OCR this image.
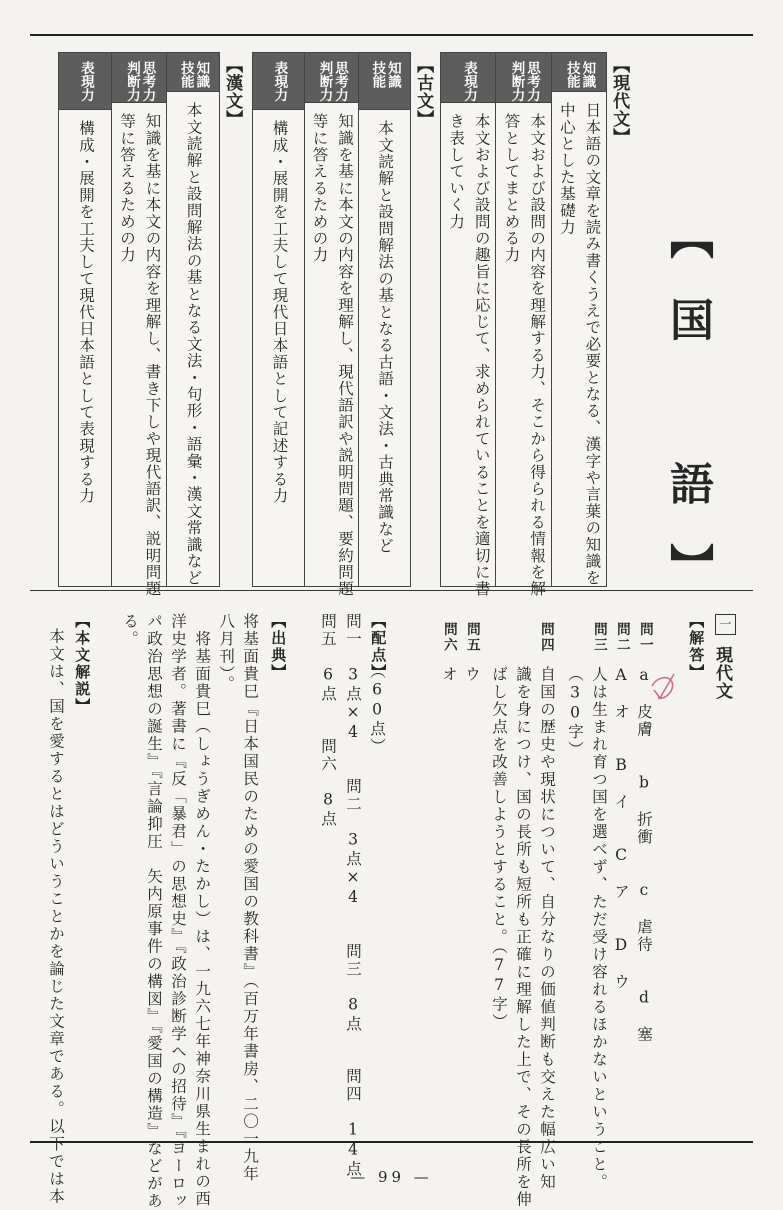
【国　語】
【現代文】
知識
技能
日本語の文章を読み書くうえで必要となる、漢字や言葉の知識を
中心とした基礎力
思考力
判断力
本文および設問の内容を理解する力、そこから得られる情報を解
答としてまとめる力
表現力
本文および設問の趣旨に応じて、求められていることを適切に書
き表していく力
【古文】
知識
技能
本文読解と設問解法の基となる古語・文法・古典常識など
思考力
判断力
知識を基に本文の内容を理解し、現代語訳や説明問題、要約問題
等に答えるための力
表現力
構成・展開を工夫して現代日本語として記述する力
【漢文】
知識
技能
本文読解と設問解法の基となる文法・句形・語彙・漢文常識など
思考力
判断力
知識を基に本文の内容を理解し、書き下しや現代語訳、説明問題
等に答えるための力
表現力
構成・展開を工夫して現代日本語として表現する力
一
現代文
【解答】
問一
a　皮膚　　b　折衝　　c　虐待　　d　塞
問二
A　オ　　B　イ　　C　ア　　D　ウ
問三
人は生まれ育つ国を選べず、ただ受け容れるほかないということ。
（30字）
問四
自国の歴史や現状について、自分なりの価値判断も交えた幅広い知
識を身につけ、国の長所も短所も正確に理解した上で、その長所を伸
ばし欠点を改善しようとすること。（77字）
問五
ウ
問六
オ
【配点】
（60点）
問一　3点×4　　問二　3点×4　　問三　8点　　問四　14点
問五　6点　　問六　8点
【出典】
将基面貴巳『日本国民のための愛国の教科書』（百万年書房、二〇一九年
八月刊）。
　将基面貴巳（しょうぎめん・たかし）は、一九六七年神奈川県生まれの西
洋史学者。著書に『反「暴君」の思想史』『政治診断学への招待』『ヨーロッ
パ政治思想の誕生』『言論抑圧　矢内原事件の構図』『愛国の構造』などがあ
る。
【本文解説】
本文は、国を愛するとはどういうことかを論じた文章である。以下では本	— 99 —
